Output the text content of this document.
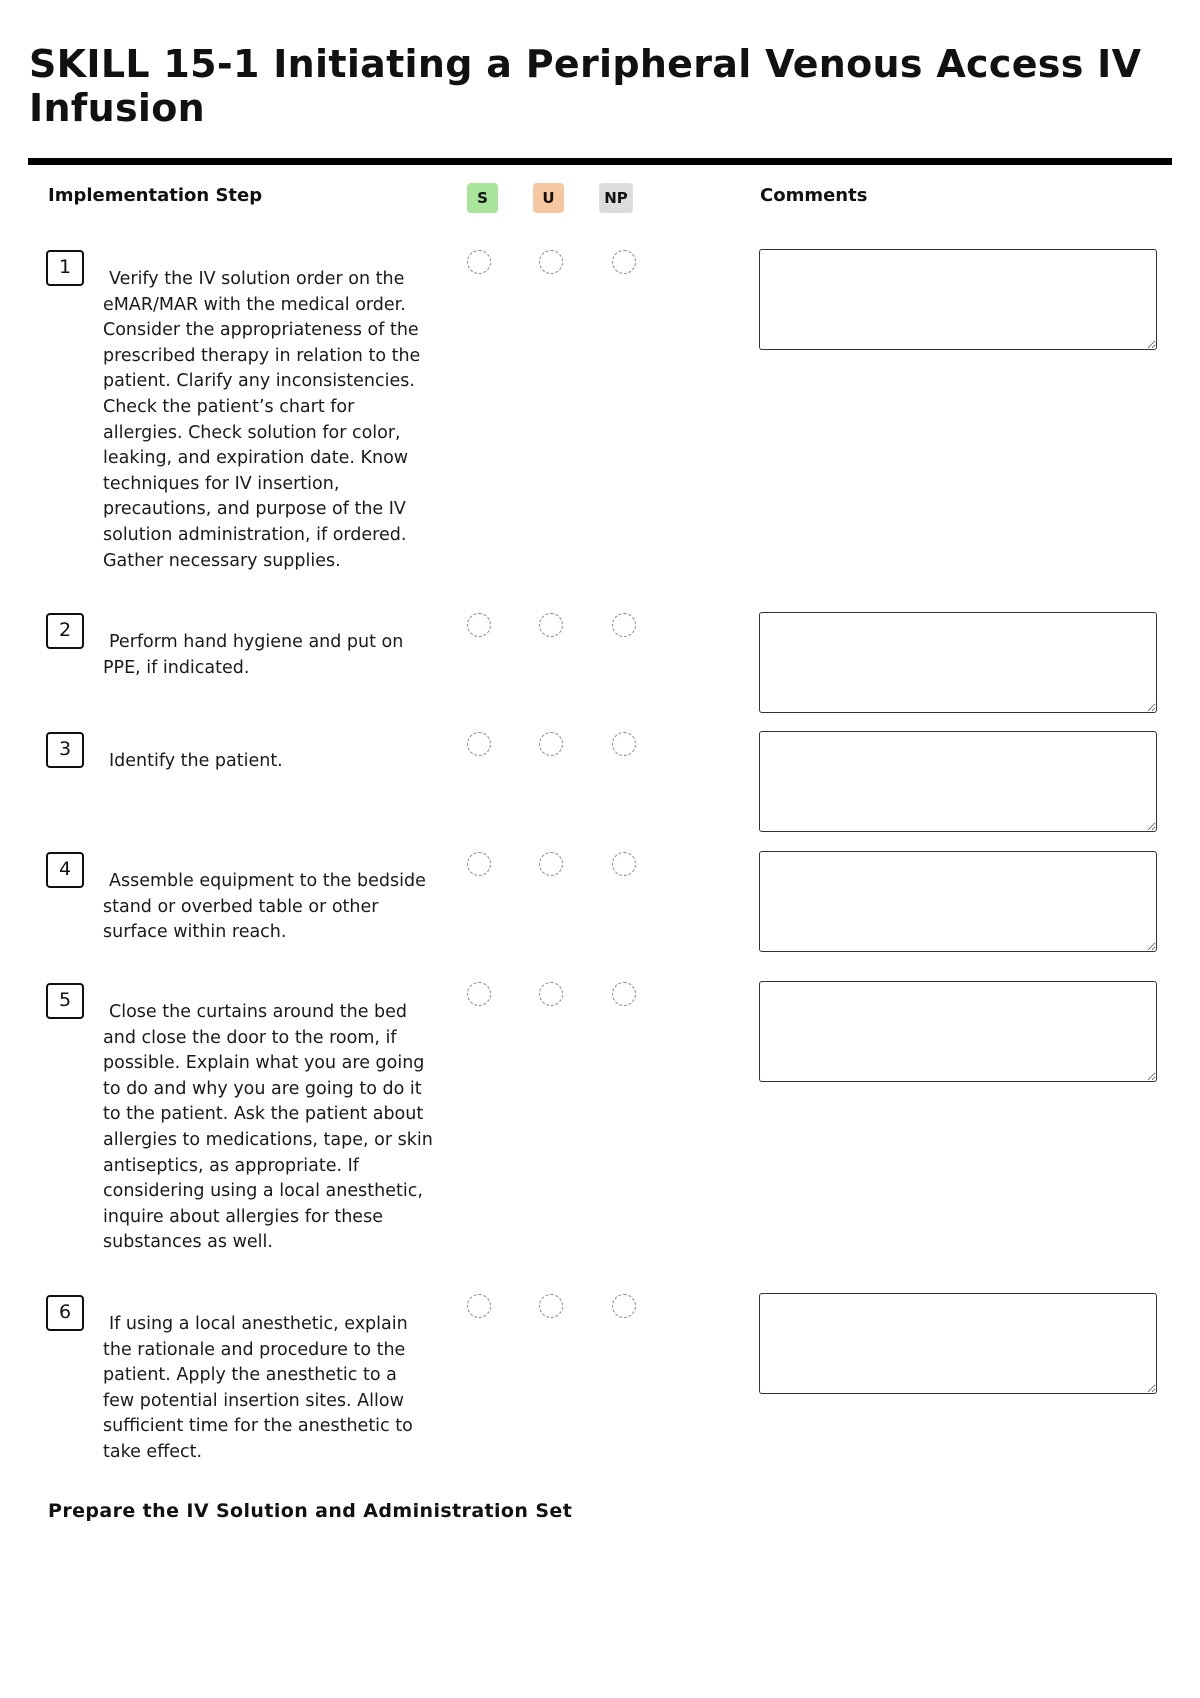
SKILL 15-1 Initiating a Peripheral Venous Access IV Infusion
Implementation Step	S	U	NP	Comments
1
Verify the IV solution order on the eMAR/MAR with the medical order. Consider the appropriateness of the prescribed therapy in relation to the patient. Clarify any inconsistencies. Check the patient’s chart for allergies. Check solution for color, leaking, and expiration date. Know techniques for IV insertion, precautions, and purpose of the IV solution administration, if ordered. Gather necessary supplies.
2
Perform hand hygiene and put on PPE, if indicated.
3
Identify the patient.
4
Assemble equipment to the bedside stand or overbed table or other surface within reach.
5
Close the curtains around the bed and close the door to the room, if possible. Explain what you are going to do and why you are going to do it to the patient. Ask the patient about allergies to medications, tape, or skin antiseptics, as appropriate. If considering using a local anesthetic, inquire about allergies for these substances as well.
6
If using a local anesthetic, explain the rationale and procedure to the patient. Apply the anesthetic to a few potential insertion sites. Allow sufficient time for the anesthetic to take effect.
Prepare the IV Solution and Administration Set
